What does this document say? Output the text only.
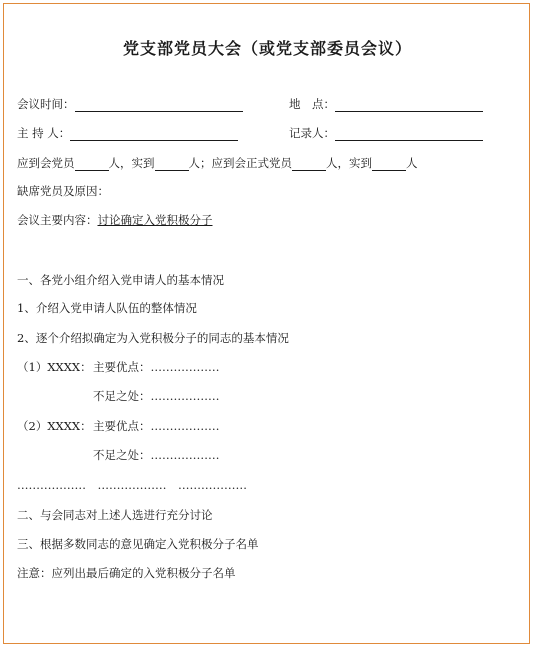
党支部党员大会（或党支部委员会议）
会议时间：	地　点：
主 持 人：	记录人：
应到会党员	人，实到	人；应到会正式党员	人，实到	人
缺席党员及原因：
会议主要内容：讨论确定入党积极分子
一、各党小组介绍入党申请人的基本情况
1、介绍入党申请人队伍的整体情况
2、逐个介绍拟确定为入党积极分子的同志的基本情况
（1）XXXX： 主要优点：………………
不足之处：………………
（2）XXXX： 主要优点：………………
不足之处：………………
………………　………………　………………
二、与会同志对上述人选进行充分讨论
三、根据多数同志的意见确定入党积极分子名单
注意：应列出最后确定的入党积极分子名单
